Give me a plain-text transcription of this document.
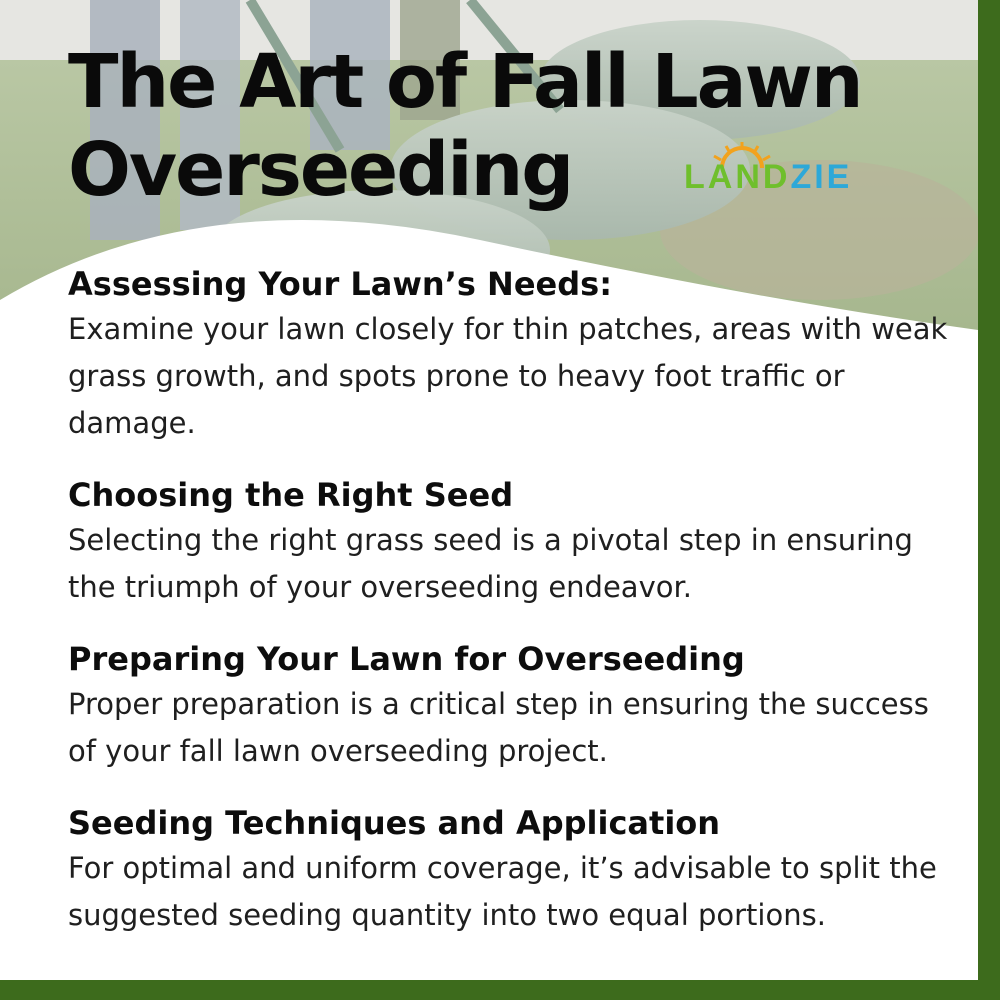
The Art of Fall Lawn Overseeding	LANDZIE
Assessing Your Lawn’s Needs:
Examine your lawn closely for thin patches, areas with weak grass growth, and spots prone to heavy foot traffic or damage.
Choosing the Right Seed
Selecting the right grass seed is a pivotal step in ensuring the triumph of your overseeding endeavor.
Preparing Your Lawn for Overseeding
Proper preparation is a critical step in ensuring the success of your fall lawn overseeding project.
Seeding Techniques and Application
For optimal and uniform coverage, it’s advisable to split the suggested seeding quantity into two equal portions.
